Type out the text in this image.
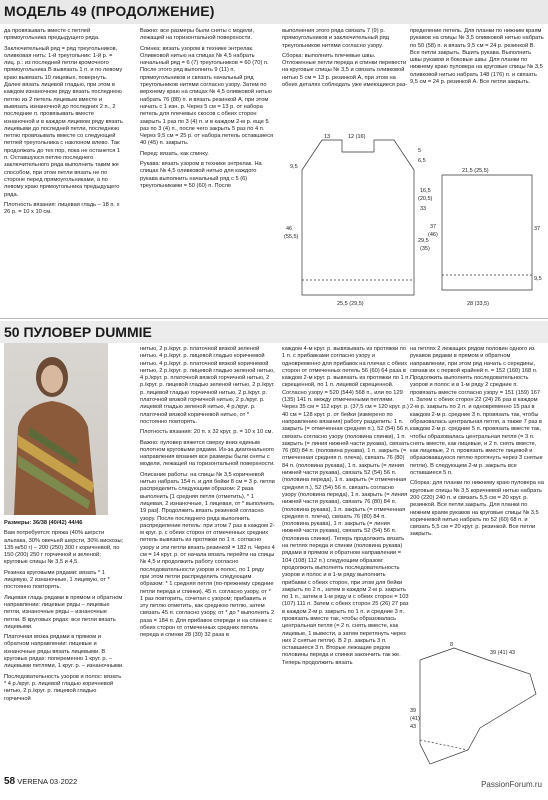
МОДЕЛЬ 49 (ПРОДОЛЖЕНИЕ)

да провязывать вместе с петлей прямоугольника предыдущего ряда.

Заключительный ряд = ряд треугольников, оливковая нить: 1-й треугольник: 1-й р. = лиц. р.: из последней петли кромочного прямоугольника В вывязать 1 п. и по левому краю вывязать 10 лицевых, повернуть. Далее вязать лицевой гладью, при этом в каждом изнаночном ряду вязать последнюю петлю из 2 петель лицевым вместе и вывязать изнаночной до последних 2 п., 2 последние п. провязывать вместе изнаночной и в каждом лицевом ряду вязать лицевыми до последней петли, последнюю петлю провязывать вместе со следующей петлей треугольника с наклоном влево. Так продолжать до тех пор, пока не останется 1 п. Оставшуюся петлю последнего заключительного ряда выполнить таким же способом, при этом петли вязать не по стороне перед прямоугольниками, а по левому краю прямоугольника предыдущего ряда.

Плотность вязания: лицевая гладь – 18 п. х 26 р. = 10 х 10 см.

Важно: все размеры были сняты с модели, лежащей на горизонтальной поверхности.

Спинка: вязать узором в технике энтрелак. Оливковой нитью на спицах № 4,5 набрать начальный ряд = 6 (7) треугольников = 60 (70) п. После этого ряд выполнить 9 (11) п. прямоугольников и связать начальный ряд треугольников нитями согласно узору. Затем по верхнему краю на спицах № 4,5 оливковой нитью набрать 76 (88) п. и вязать резинкой А, при этом начать с 1 изн. р. Через 5 см = 13 р. от набора петель для плечевых скосов с обеих сторон закрыть 1 раз по 3 (4) п. и в каждом 2-м р. еще 5 раз по 3 (4) п., после чего закрыть 5 раз по 4 п. Через 9,5 см = 25 р. от набора петель оставшиеся 40 (45) п. закрыть.

Перед: вязать, как спинку.

Рукава: вязать узором в технике энтрелак. На спицах № 4,5 оливковой нитью для каждого рукава выполнить начальный ряд с 5 (6) треугольниками = 50 (60) п. После

выполнения этого ряда связать 7 (9) р. прямоугольников и заключительный ряд треугольников нитями согласно узору.

Сборка: выполнить плечевые швы. Отложенные петли переда и спинки перевести на круговые спицы № 3,5 и связать оливковой нитью 5 см = 13 р. резинкой А, при этом на обеих деталях соблюдать уже имеющиеся раз-

пределение петель. Для планки по нижним краям рукавов на спицы № 3,5 оливковой нитью набрать по 50 (58) п. и вязать 9,5 см = 24 р. резинкой В. Все петли закрыть. Вшить рукава. Выполнить швы рукавов и боковые швы. Для планки по нижнему краю пуловера на круговые спицы № 3,5 оливковой нитью набрать 148 (176) п. и связать 9,5 см = 24 р. резинкой А. Все петли закрыть.

13	12 (16)
5
6,5
9,5
16,5
(20,5)
33
46
(55,5)
29,5
(35)
37
(46)
21,5 (25,5)
25,5 (29,5)
9,5
37
28 (33,5)
50 ПУЛОВЕР DUMMIE

Размеры: 36/38 (40/42) 44/46

Вам потребуется: пряжа (40% шерсти альпака, 30% овечьей шерсти, 30% вискозы; 135 м/50 г) – 200 (250) 300 г коричневой, по 150 (200) 250 г горчичной и зеленой; круговые спицы № 3,5 и 4,5.

Резинка круговыми рядами: вязать * 1 лицевую, 2 изнаночные, 1 лицевую, от * постоянно повторять.

Лицевая гладь рядами в прямом и обратном направлении: лицевые ряды – лицевые петли, изнаночные ряды – изнаночные петли. В круговых рядах: все петли вязать лицевыми.

Платочная вязка рядами в прямом и обратном направлении: лицевые и изнаночные ряды вязать лицевыми. В круговых рядах: попеременно 1 круг. р. – лицевыми петлями, 1 круг. р. – изнаночными.

Последовательность узоров и полос: вязать * 4 р./круг. р. лицевой гладью коричневой нитью, 2 р./круг. р. лицевой гладью горчичной

нитью, 2 р./круг. р. платочной вязкой зеленой нитью, 4 р./круг. р. лицевой гладью коричневой нитью, 4 р./круг. р. платочной вязкой коричневой нитью, 2 р./круг. р. лицевой гладью зеленой нитью, 4 р./круг. р. платочной вязкой горчичной нитью, 2 р./круг. р. лицевой гладью зеленой нитью, 2 р./круг. р. лицевой гладью горчичной нитью, 2 р./круг. р. платочной вязкой горчичной нитью, 2 р./круг. р. лицевой гладью зеленой нитью, 4 р./круг. р. платочной вязкой коричневой нитью, от * постоянно повторять.

Плотность вязания: 20 п. х 32 круг. р. = 10 х 10 см.

Важно: пуловер вяжется сверху вниз единым полотном круговыми рядами. Из-за диагонального направления вязания все размеры были сняты с модели, лежащей на горизонтальной поверхности.

Описание работы: на спицы № 3,5 коричневой нитью набрать 154 п. и для бейки 8 см = 3 р. петли распределить следующим образом: 2 раза выполнить [1 средняя петля (отметить), * 1 лицевая, 2 изнаночные, 1 лицевая, от * выполнить 19 раз]. Продолжить вязать резинкой согласно узору. После последнего ряда выполнить распределение петель: при этом 7 раз в каждом 2-м круг. р. с обеих сторон от отмеченных средних петель вывязать из протяжки по 1 п. согласно узору и эти петли вязать резинкой = 182 п. Через 4 см = 14 круг. р. от начала вязать перейти на спицы № 4,5 и продолжить работу согласно последовательности узоров и полос, по 1 ряду при этом петли распределить следующим образом: * 1 средняя петля (по-прежнему средние петли переда и спинки), 45 п. согласно узору, от * 1 раз повторить, сочетая с узором; прибавить и эту петлю отметить, как среднюю петлю, затем связать 45 п. согласно узору, от * до * выполнить 2 раза = 184 п. Для прибавок спереди и на спинке с обеих сторон от отмеченных средних петель переда и спинки 28 (30) 32 раза в

каждом 4-м круг. р. вывязывать из протяжки по 1 п. с прибавками согласно узору и одновременно для прибавок на плечах с обеих сторон от отмеченных петель 56 (60) 64 раза в каждом 2-м круг. р. вывязать из протяжки по 1 п. скрещенной, по 1 п. лицевой скрещенной. Согласно узору = 520 (544) 568 п., или по 129 (135) 141 п. между отмеченными петлями. Через 35 см = 112 круг. р. (37,5 см = 120 круг. р.) 40 см = 128 круг. р. от бейки (измерено по направлению вязания) работу разделить: 1 п. закрыть (= отмеченная средняя п.), 52 (54) 56 п. связать согласно узору (половина спинки), 1 п. закрыть (= линия нижней части рукава), связать 76 (80) 84 п. (половина рукава), 1 п. закрыть (= отмеченная средняя п. плеча), связать 76 (80) 84 п. (половина рукава), 1 п. закрыть (= линия нижней части рукава), связать 52 (54) 56 п. (половина переда), 1 п. закрыть (= отмеченная средняя п.), 52 (54) 56 п. связать согласно узору (половина переда), 1 п. закрыть (= линия нижней части рукава), связать 76 (80) 84 п. (половина рукава), 1 п. закрыть (= отмеченная средняя п. плеча), связать 76 (80) 84 п. (половина рукава), 1 п. закрыть (= линия нижней части рукава), связать 52 (54) 56 п. (половина спинки). Теперь продолжить вязать на петлях переда и спинки (половина рукава) рядами в прямом и обратном направлении = 104 (108) 112 п.) следующим образом: продолжить выполнять последовательность узоров и полос и в 1-м ряду выполнить прибавки с обеих сторон, при этом для бейки закрыть по 2 п., затем в каждом 2-м р. закрыть по 1 п., затем в 1-м ряду и с обеих сторон = 103 (107) 111 п. Затем с обеих сторон 25 (26) 27 раз в каждом 2-м р. закрыть по 1 п. и средние 3 п. провязать вместе так, чтобы образовалась центральная петля (= 2 п. снять вместе, как лицевые, 1 вывести, а затем перетянуть через них 2 снятые петли). В 2 р. закрыть 3 п. оставшиеся 3 п. Вторые лежащие рядом половины переда и спинки закончить так же. Теперь продолжить вязать

на петлях 2 лежащих рядом половин одного из рукавов рядами в прямом и обратном направлении, при этом ряд начать с середины, связав их с первой крайней п. = 152 (160) 168 п. Продолжить выполнять последовательность узоров и полос и в 1-м ряду 2 средние п. провязать вместе согласно узору = 151 (159) 167 п. Затем с обеих сторон 22 (24) 26 раз в каждом 2-м р. закрыть по 2 п. и одновременно 15 раз в каждом 2-м р. средние 3 п. провязать так, чтобы образовалась центральная петля, а также 7 раз в каждом 2-м р. средние 5 п. провязать вместе так, чтобы образовалась центральная петля (= 3 п. снять вместе, как лицевые, и 2 п. снять вместе, как лицевые, 2 п. провязать вместе лицевой и образовавшуюся петлю протянуть через 3 снятые петли). В следующем 2-м р. закрыть все оставшиеся 5 п.

Сборка: для планки по нижнему краю пуловера на круговые спицы № 3,5 коричневой нитью набрать 200 (220) 240 п. и связать 5,5 см = 20 круг. р. резинкой. Все петли закрыть. Для планки по нижним краям рукавов на круговые спицы № 3,5 коричневой нитью набрать по 52 (60) 68 п. и связать 5,5 см = 20 круг. р. резинкой. Все петли закрыть.

39 (41) 43
8
39
(41)
43
58 VERENA 03·2022	PassionForum.ru
